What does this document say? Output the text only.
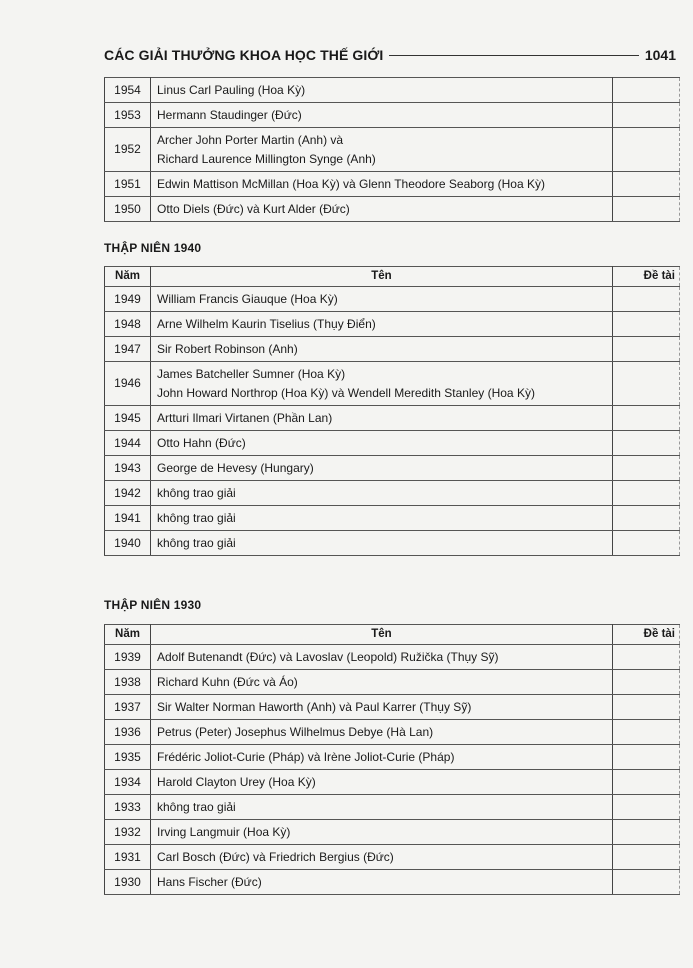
CÁC GIẢI THƯỞNG KHOA HỌC THẾ GIỚI	1041
1954	Linus Carl Pauling (Hoa Kỳ)	

1953	Hermann Staudinger (Đức)	

1952	Archer John Porter Martin (Anh) và
Richard Laurence Millington Synge (Anh)	

1951	Edwin Mattison McMillan (Hoa Kỳ) và Glenn Theodore Seaborg (Hoa Kỳ)	

1950	Otto Diels (Đức) và Kurt Alder (Đức)	

THẬP NIÊN 1940
Năm	Tên	Đề tài
1949	William Francis Giauque (Hoa Kỳ)	

1948	Arne Wilhelm Kaurin Tiselius (Thụy Điển)	

1947	Sir Robert Robinson (Anh)	

1946	James Batcheller Sumner (Hoa Kỳ)
John Howard Northrop (Hoa Kỳ) và Wendell Meredith Stanley (Hoa Kỳ)	

1945	Artturi Ilmari Virtanen (Phần Lan)	

1944	Otto Hahn (Đức)	

1943	George de Hevesy (Hungary)	

1942	không trao giải	

1941	không trao giải	

1940	không trao giải	

THẬP NIÊN 1930
Năm	Tên	Đề tài
1939	Adolf Butenandt (Đức) và Lavoslav (Leopold) Ružička (Thụy Sỹ)	

1938	Richard Kuhn (Đức và Áo)	

1937	Sir Walter Norman Haworth (Anh) và Paul Karrer (Thụy Sỹ)	

1936	Petrus (Peter) Josephus Wilhelmus Debye (Hà Lan)	

1935	Frédéric Joliot-Curie (Pháp) và Irène Joliot-Curie (Pháp)	

1934	Harold Clayton Urey (Hoa Kỳ)	

1933	không trao giải	

1932	Irving Langmuir (Hoa Kỳ)	

1931	Carl Bosch (Đức) và Friedrich Bergius (Đức)	

1930	Hans Fischer (Đức)	
